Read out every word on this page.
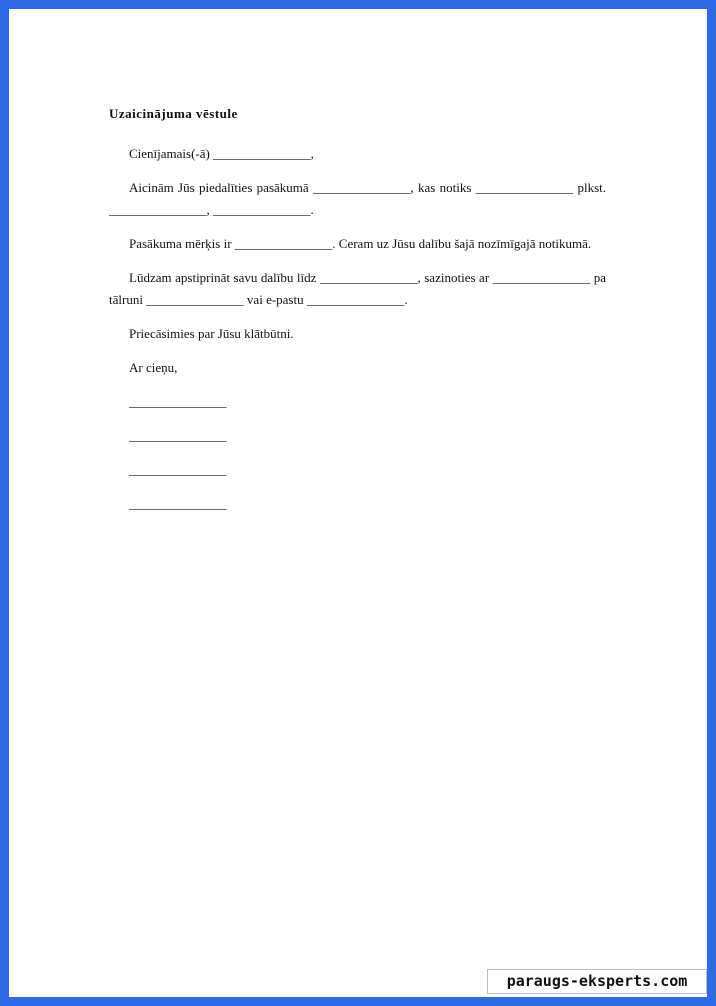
Uzaicinājuma vēstule
Cienījamais(-ā) _______________,
Aicinām Jūs piedalīties pasākumā _______________, kas notiks _______________ plkst. _______________, _______________.
Pasākuma mērķis ir _______________. Ceram uz Jūsu dalību šajā nozīmīgajā notikumā.
Lūdzam apstiprināt savu dalību līdz _______________, sazinoties ar _______________ pa tālruni _______________ vai e-pastu _______________.
Priecāsimies par Jūsu klātbūtni.
Ar cieņu,
_______________
_______________
_______________
_______________
paraugs-eksperts.com
